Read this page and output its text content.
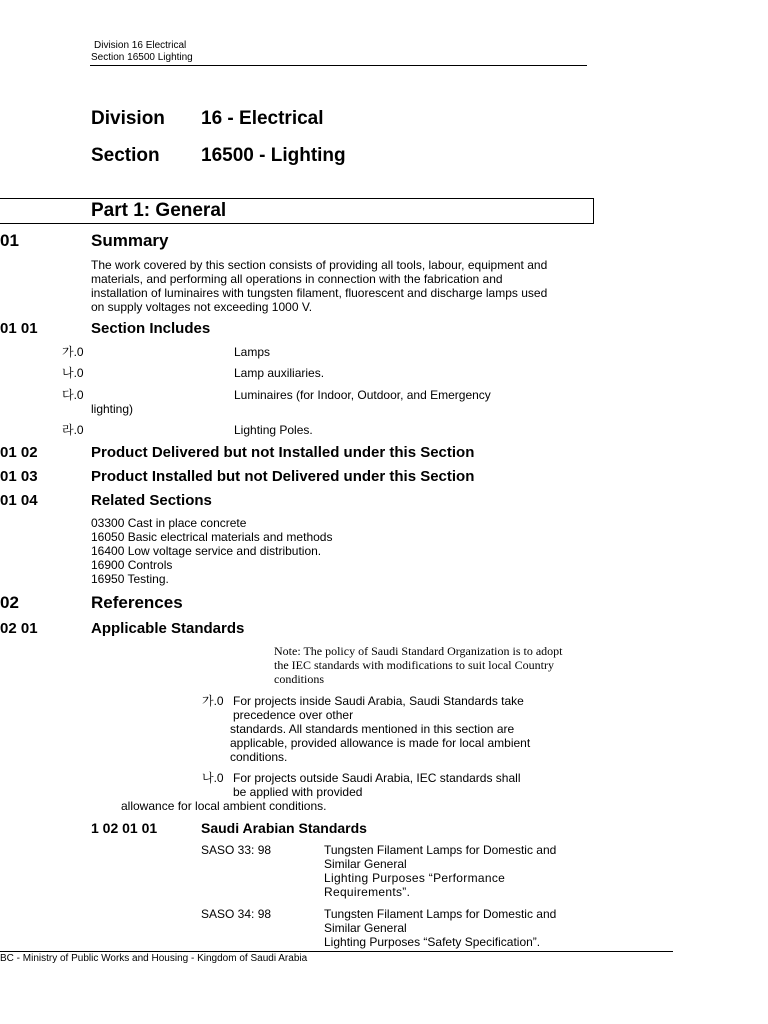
Division 16 Electrical
Section 16500 Lighting
Division 16 - Electrical
Section 16500 - Lighting
Part 1: General
01	Summary
The work covered by this section consists of providing all tools, labour, equipment and
materials, and performing all operations in connection with the fabrication and
installation of luminaires with tungsten filament, fluorescent and discharge lamps used
on supply voltages not exceeding 1000 V.
01 01	Section Includes
가.0	Lamps
나.0	Lamp auxiliaries.
다.0	Luminaires (for Indoor, Outdoor, and Emergency
lighting)
라.0	Lighting Poles.
01 02	Product Delivered but not Installed under this Section
01 03	Product Installed but not Delivered under this Section
01 04	Related Sections
03300 Cast in place concrete
16050 Basic electrical materials and methods
16400 Low voltage service and distribution.
16900 Controls
16950 Testing.
02	References
02 01	Applicable Standards
Note: The policy of Saudi Standard Organization is to adopt
the IEC standards with modifications to suit local Country
conditions
가.0 For projects inside Saudi Arabia, Saudi Standards take
precedence over other
standards. All standards mentioned in this section are
applicable, provided allowance is made for local ambient
conditions.
나.0 For projects outside Saudi Arabia, IEC standards shall
be applied with provided
allowance for local ambient conditions.
1 02 01 01	Saudi Arabian Standards
SASO 33: 98	Tungsten Filament Lamps for Domestic and
Similar General
Lighting Purposes “Performance
Requirements”.
SASO 34: 98	Tungsten Filament Lamps for Domestic and
Similar General
Lighting Purposes “Safety Specification”.
BC - Ministry of Public Works and Housing - Kingdom of Saudi Arabia
